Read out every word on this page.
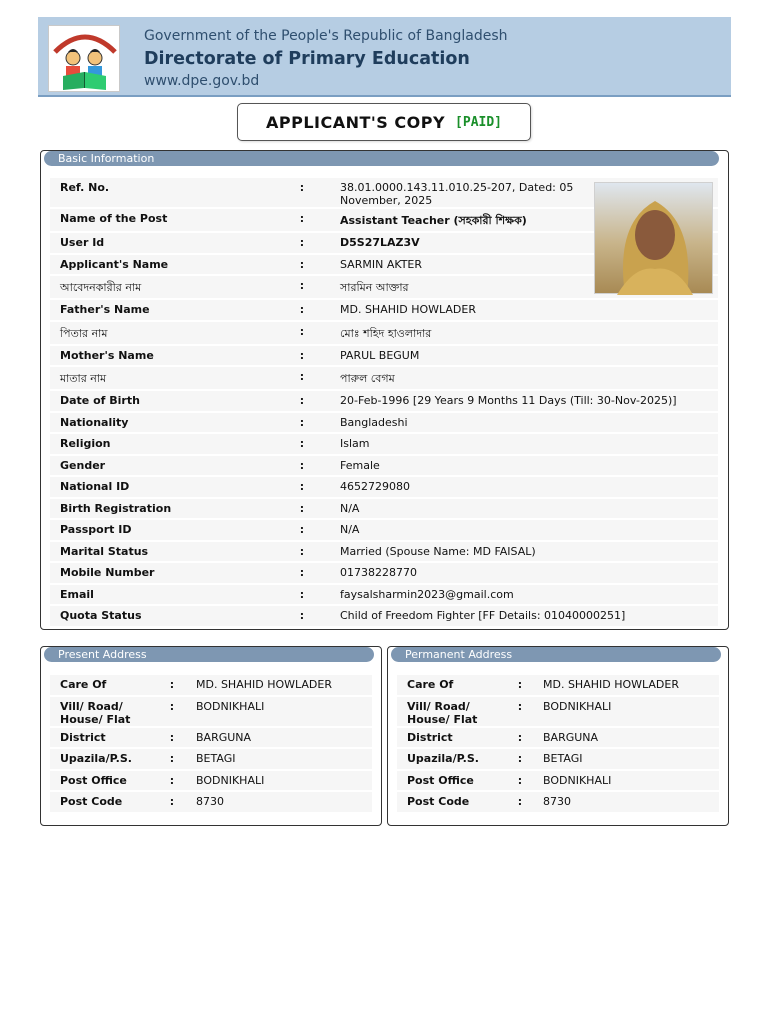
Government of the People's Republic of Bangladesh
Directorate of Primary Education
www.dpe.gov.bd
APPLICANT'S COPY [PAID]
Basic Information
Ref. No.	:	38.01.0000.143.11.010.25-207, Dated: 05 November, 2025
Name of the Post	:	Assistant Teacher (সহকারী শিক্ষক)
User Id	:	D5S27LAZ3V
Applicant's Name	:	SARMIN AKTER
আবেদনকারীর নাম	:	সারমিন আক্তার
Father's Name	:	MD. SHAHID HOWLADER
পিতার নাম	:	মোঃ শহিদ হাওলাদার
Mother's Name	:	PARUL BEGUM
মাতার নাম	:	পারুল বেগম
Date of Birth	:	20-Feb-1996 [29 Years 9 Months 11 Days (Till: 30-Nov-2025)]
Nationality	:	Bangladeshi
Religion	:	Islam
Gender	:	Female
National ID	:	4652729080
Birth Registration	:	N/A
Passport ID	:	N/A
Marital Status	:	Married (Spouse Name: MD FAISAL)
Mobile Number	:	01738228770
Email	:	faysalsharmin2023@gmail.com
Quota Status	:	Child of Freedom Fighter [FF Details: 01040000251]
Present Address
Care Of	:	MD. SHAHID HOWLADER
Vill/ Road/ House/ Flat	:	BODNIKHALI
District	:	BARGUNA
Upazila/P.S.	:	BETAGI
Post Office	:	BODNIKHALI
Post Code	:	8730
Permanent Address
Care Of	:	MD. SHAHID HOWLADER
Vill/ Road/ House/ Flat	:	BODNIKHALI
District	:	BARGUNA
Upazila/P.S.	:	BETAGI
Post Office	:	BODNIKHALI
Post Code	:	8730
